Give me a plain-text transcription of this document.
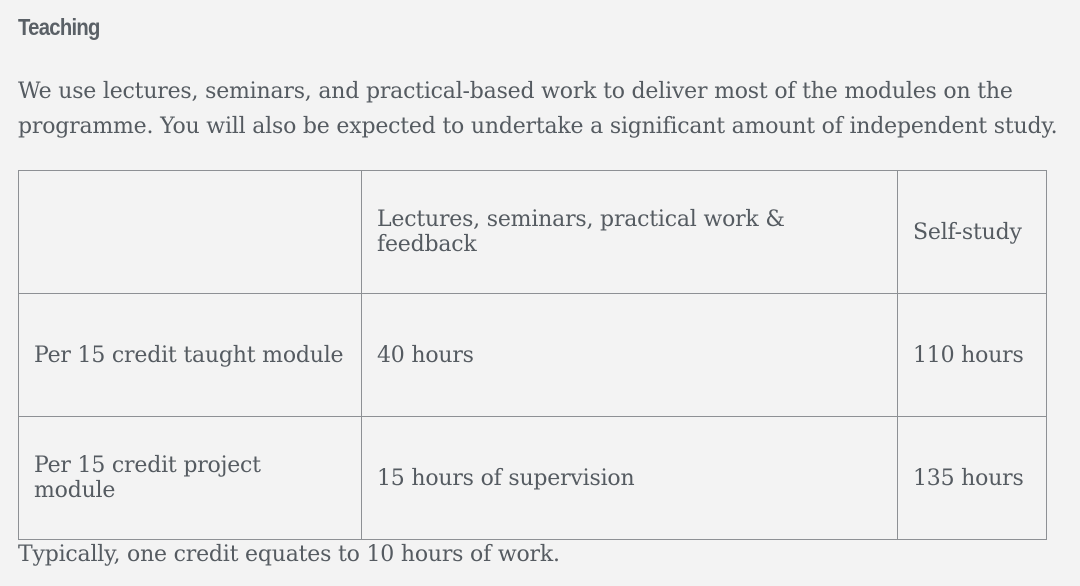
Teaching

We use lectures, seminars, and practical-based work to deliver most of the modules on the programme. You will also be expected to undertake a significant amount of independent study.

	Lectures, seminars, practical work & feedback	Self-study
Per 15 credit taught module	40 hours	110 hours
Per 15 credit project module	15 hours of supervision	135 hours

Typically, one credit equates to 10 hours of work.
